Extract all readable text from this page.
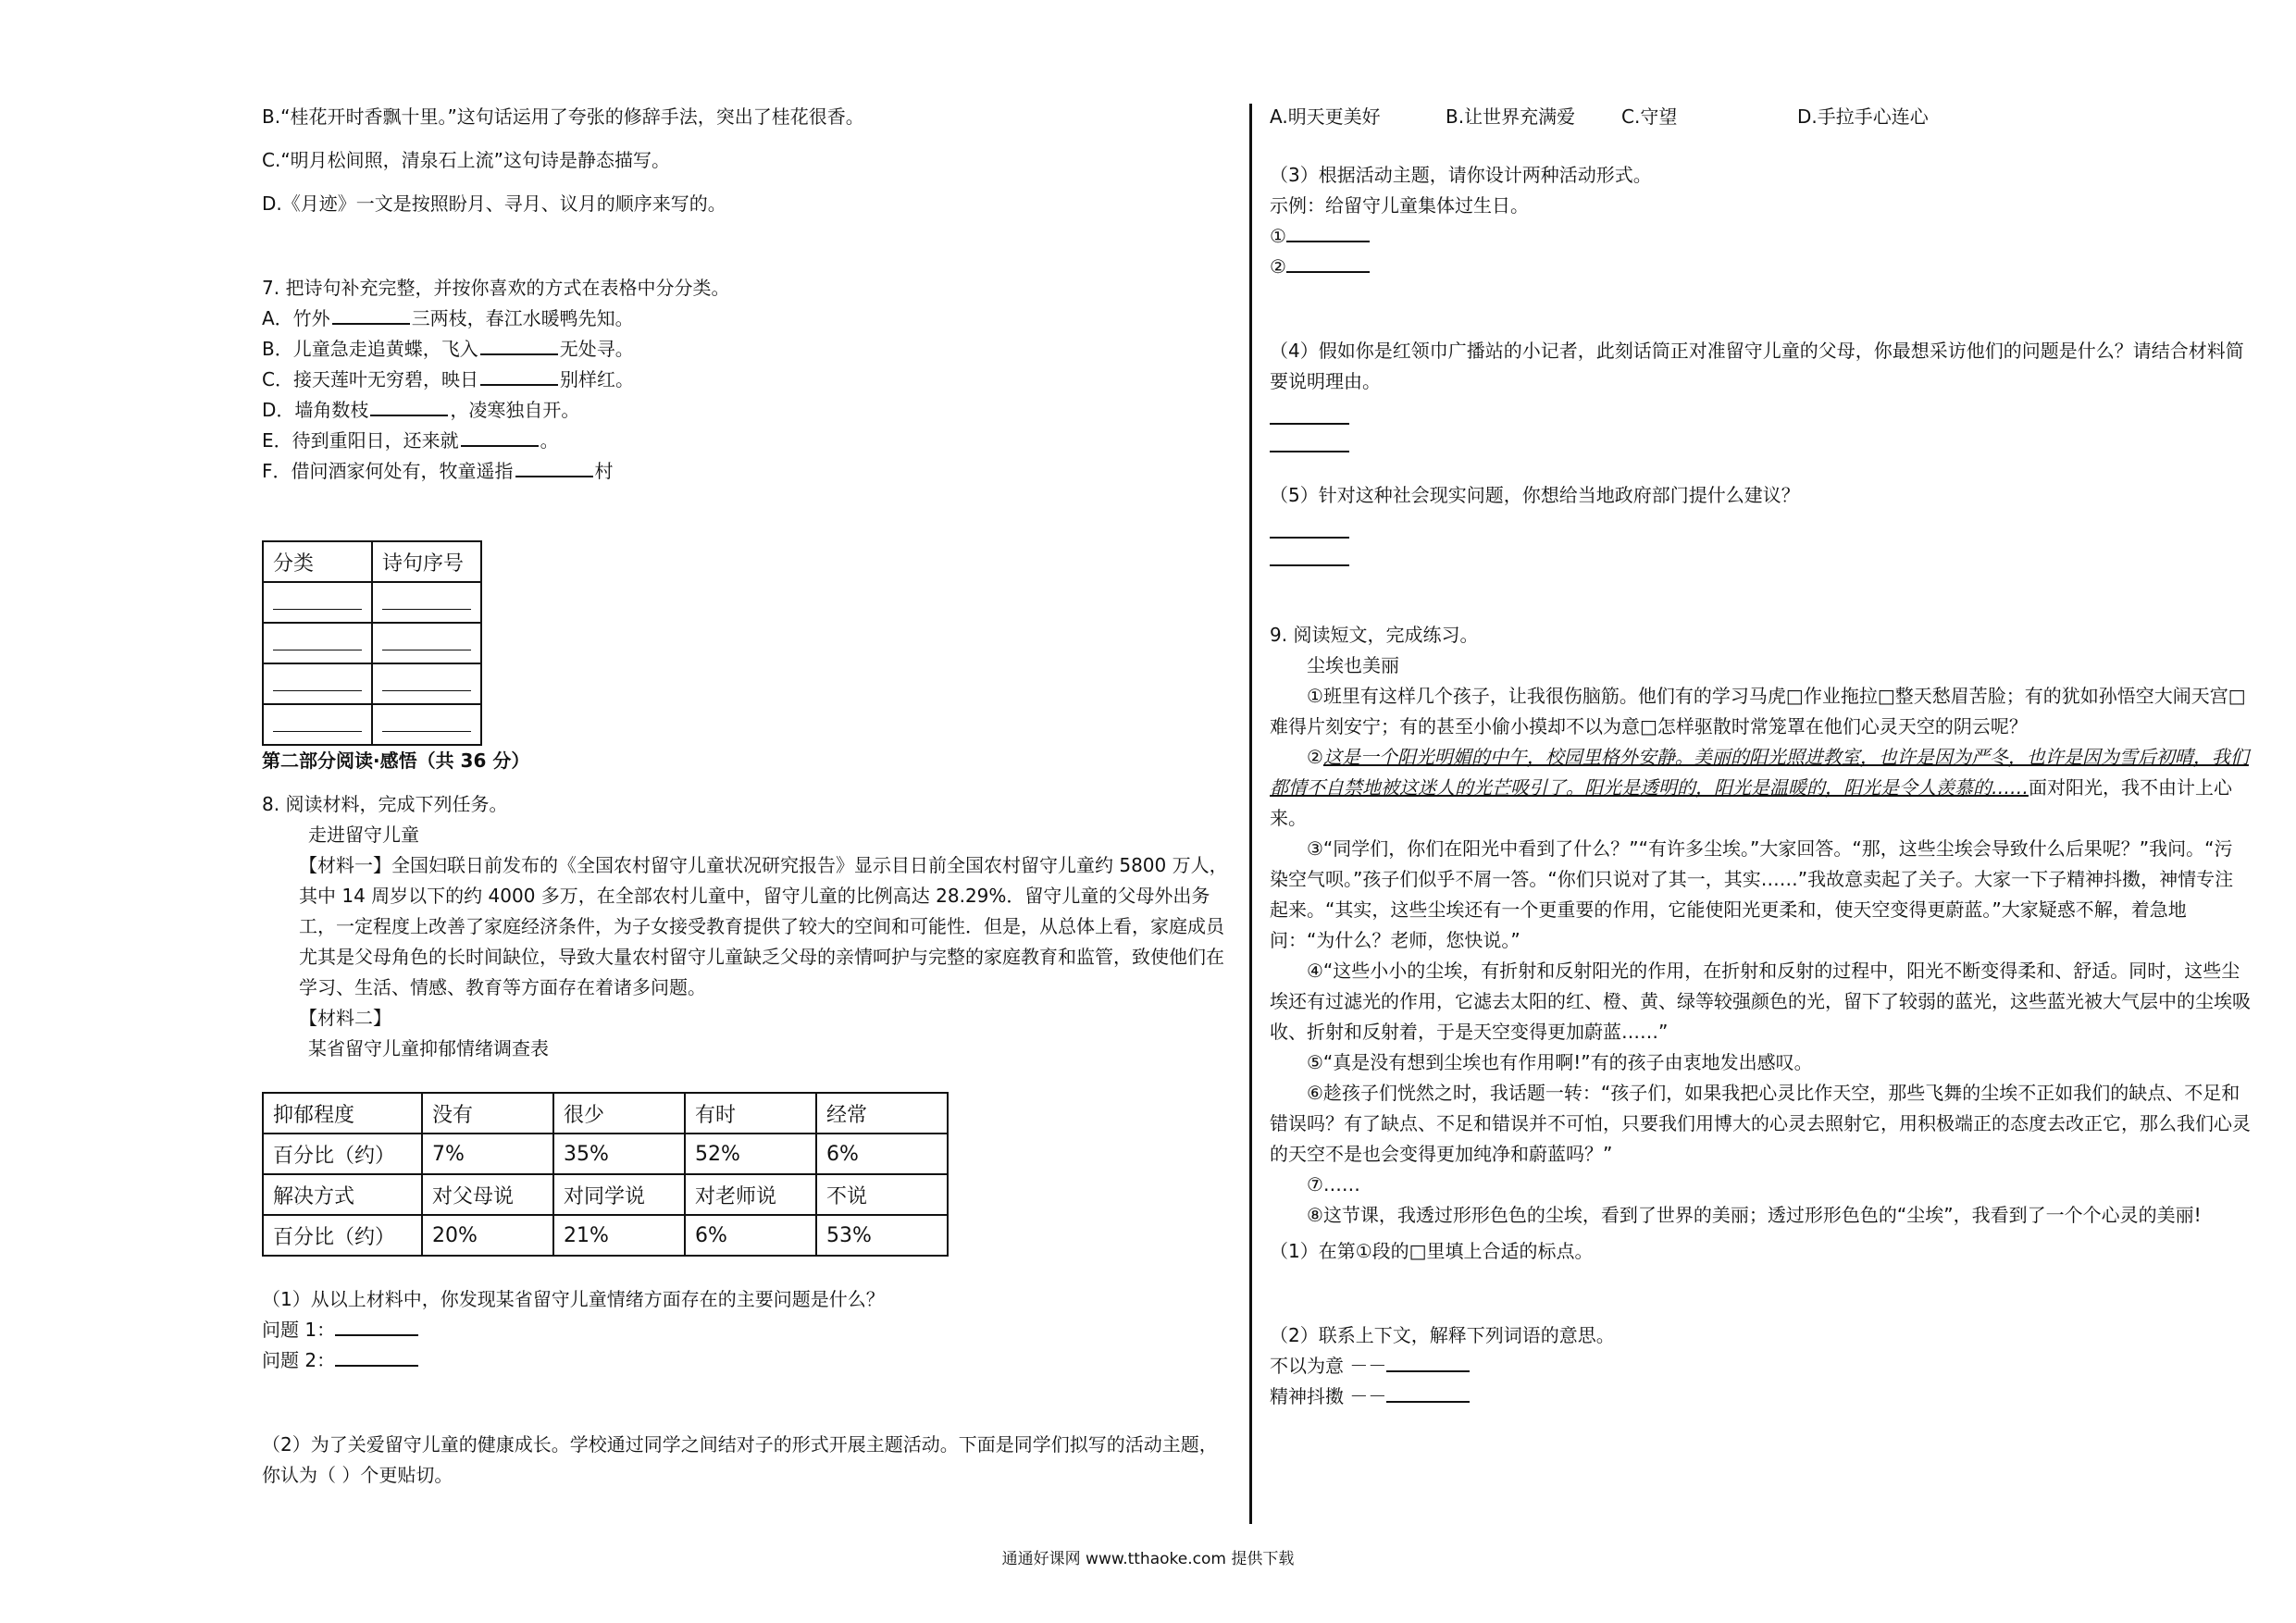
B.“桂花开时香飘十里。”这句话运用了夸张的修辞手法，突出了桂花很香。
C.“明月松间照，清泉石上流”这句诗是静态描写。
D.《月迹》一文是按照盼月、寻月、议月的顺序来写的。
7. 把诗句补充完整，并按你喜欢的方式在表格中分分类。
A．竹外	三两枝，春江水暖鸭先知。
B．儿童急走追黄蝶，飞入	无处寻。
C．接天莲叶无穷碧，映日	别样红。
D．墙角数枝	，凌寒独自开。
E．待到重阳日，还来就	。
F．借问酒家何处有，牧童遥指	村
分类	诗句序号

第二部分阅读·感悟（共 36 分）
8. 阅读材料，完成下列任务。
走进留守儿童
【材料一】全国妇联日前发布的《全国农村留守儿童状况研究报告》显示目日前全国农村留守儿童约 5800 万人，其中 14 周岁以下的约 4000 多万，在全部农村儿童中，留守儿童的比例高达 28.29%．留守儿童的父母外出务工，一定程度上改善了家庭经济条件，为子女接受教育提供了较大的空间和可能性．但是，从总体上看，家庭成员尤其是父母角色的长时间缺位，导致大量农村留守儿童缺乏父母的亲情呵护与完整的家庭教育和监管，致使他们在学习、生活、情感、教育等方面存在着诸多问题。
【材料二】
某省留守儿童抑郁情绪调查表
抑郁程度	没有	很少	有时	经常
百分比（约）	7%	35%	52%	6%
解决方式	对父母说	对同学说	对老师说	不说
百分比（约）	20%	21%	6%	53%
（1）从以上材料中，你发现某省留守儿童情绪方面存在的主要问题是什么？
问题 1：
问题 2：
（2）为了关爱留守儿童的健康成长。学校通过同学之间结对子的形式开展主题活动。下面是同学们拟写的活动主题，你认为（ ）个更贴切。
A.明天更美好	B.让世界充满爱	C.守望	D.手拉手心连心
（3）根据活动主题，请你设计两种活动形式。
示例：给留守儿童集体过生日。
①
②
（4）假如你是红领巾广播站的小记者，此刻话筒正对准留守儿童的父母，你最想采访他们的问题是什么？请结合材料简要说明理由。
（5）针对这种社会现实问题，你想给当地政府部门提什么建议？
9. 阅读短文，完成练习。
尘埃也美丽
①班里有这样几个孩子，让我很伤脑筋。他们有的学习马虎□作业拖拉□整天愁眉苦脸；有的犹如孙悟空大闹天宫□难得片刻安宁；有的甚至小偷小摸却不以为意□怎样驱散时常笼罩在他们心灵天空的阴云呢？
②这是一个阳光明媚的中午，校园里格外安静。美丽的阳光照进教室，也许是因为严冬，也许是因为雪后初晴，我们都情不自禁地被这迷人的光芒吸引了。阳光是透明的，阳光是温暖的，阳光是令人羡慕的……面对阳光，我不由计上心来。
③“同学们，你们在阳光中看到了什么？”“有许多尘埃。”大家回答。“那，这些尘埃会导致什么后果呢？”我问。“污染空气呗。”孩子们似乎不屑一答。“你们只说对了其一，其实……”我故意卖起了关子。大家一下子精神抖擞，神情专注起来。“其实，这些尘埃还有一个更重要的作用，它能使阳光更柔和，使天空变得更蔚蓝。”大家疑惑不解，着急地问：“为什么？老师，您快说。”
④“这些小小的尘埃，有折射和反射阳光的作用，在折射和反射的过程中，阳光不断变得柔和、舒适。同时，这些尘埃还有过滤光的作用，它滤去太阳的红、橙、黄、绿等较强颜色的光，留下了较弱的蓝光，这些蓝光被大气层中的尘埃吸收、折射和反射着，于是天空变得更加蔚蓝……”
⑤“真是没有想到尘埃也有作用啊!”有的孩子由衷地发出感叹。
⑥趁孩子们恍然之时，我话题一转：“孩子们，如果我把心灵比作天空，那些飞舞的尘埃不正如我们的缺点、不足和错误吗？有了缺点、不足和错误并不可怕，只要我们用博大的心灵去照射它，用积极端正的态度去改正它，那么我们心灵的天空不是也会变得更加纯净和蔚蓝吗？”
⑦……
⑧这节课，我透过形形色色的尘埃，看到了世界的美丽；透过形形色色的“尘埃”，我看到了一个个心灵的美丽!
（1）在第①段的□里填上合适的标点。
（2）联系上下文，解释下列词语的意思。
不以为意 －－
精神抖擞 －－
通通好课网 www.tthaoke.com 提供下载
